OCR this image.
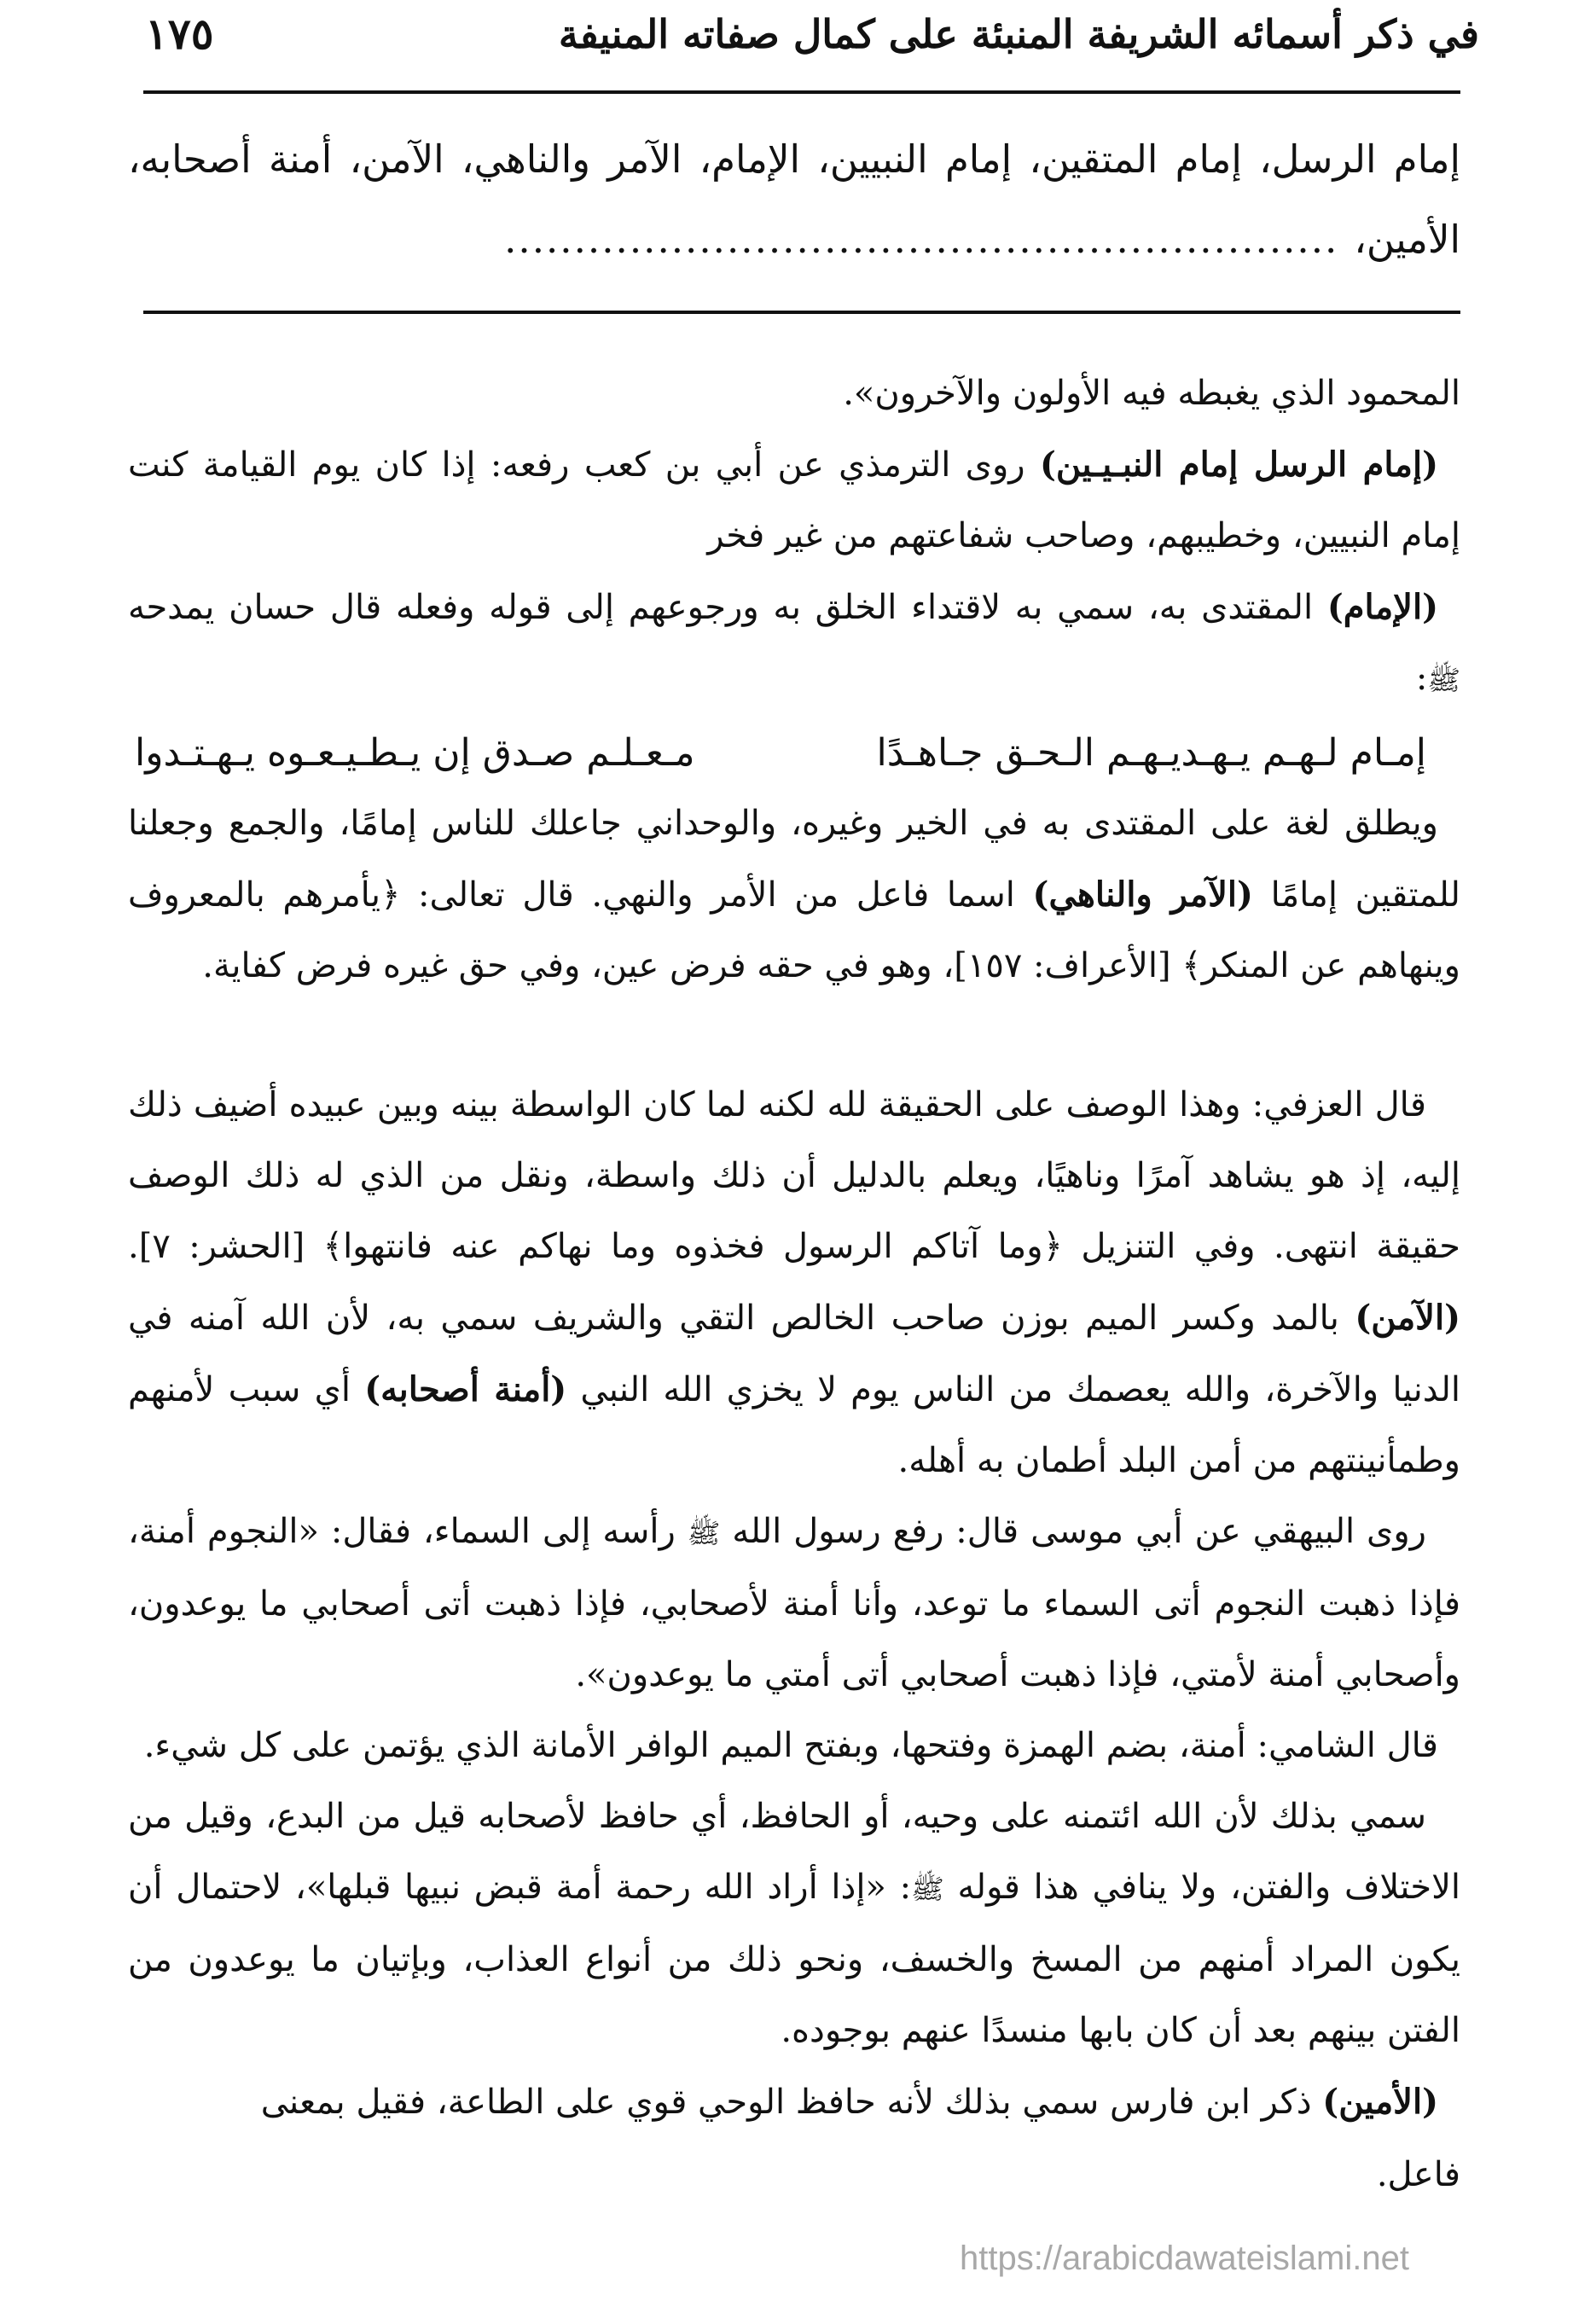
في ذكر أسمائه الشريفة المنبئة على كمال صفاته المنيفة
١٧٥
إمام الرسل، إمام المتقين، إمام النبيين، الإمام، الآمر والناهي، الآمن، أمنة أصحابه،
الأمين،............................................................

المحمود الذي يغبطه فيه الأولون والآخرون».

(إمام الرسل إمام النبـيـين) روى الترمذي عن أبي بن كعب رفعه: إذا كان يوم القيامة كنت إمام النبيين، وخطيبهم، وصاحب شفاعتهم من غير فخر

(الإمام) المقتدى به، سمي به لاقتداء الخلق به ورجوعهم إلى قوله وفعله قال حسان يمدحه ﷺ:

إمـام لـهـم يـهـديـهـم الـحـق جـاهـدًا
مـعـلـم صـدق إن يـطـيـعـوه يـهـتـدوا

ويطلق لغة على المقتدى به في الخير وغيره، والوحداني جاعلك للناس إمامًا، والجمع وجعلنا للمتقين إمامًا (الآمر والناهي) اسما فاعل من الأمر والنهي. قال تعالى: ﴿يأمرهم بالمعروف وينهاهم عن المنكر﴾ [الأعراف: ١٥٧]، وهو في حقه فرض عين، وفي حق غيره فرض كفاية.

قال العزفي: وهذا الوصف على الحقيقة لله لكنه لما كان الواسطة بينه وبين عبيده أضيف ذلك إليه، إذ هو يشاهد آمرًا وناهيًا، ويعلم بالدليل أن ذلك واسطة، ونقل من الذي له ذلك الوصف حقيقة انتهى. وفي التنزيل ﴿وما آتاكم الرسول فخذوه وما نهاكم عنه فانتهوا﴾ [الحشر: ٧]. (الآمن) بالمد وكسر الميم بوزن صاحب الخالص التقي والشريف سمي به، لأن الله آمنه في الدنيا والآخرة، والله يعصمك من الناس يوم لا يخزي الله النبي (أمنة أصحابه) أي سبب لأمنهم وطمأنينتهم من أمن البلد أطمان به أهله.

روى البيهقي عن أبي موسى قال: رفع رسول الله ﷺ رأسه إلى السماء، فقال: «النجوم أمنة، فإذا ذهبت النجوم أتى السماء ما توعد، وأنا أمنة لأصحابي، فإذا ذهبت أتى أصحابي ما يوعدون، وأصحابي أمنة لأمتي، فإذا ذهبت أصحابي أتى أمتي ما يوعدون».

قال الشامي: أمنة، بضم الهمزة وفتحها، وبفتح الميم الوافر الأمانة الذي يؤتمن على كل شيء.

سمي بذلك لأن الله ائتمنه على وحيه، أو الحافظ، أي حافظ لأصحابه قيل من البدع، وقيل من الاختلاف والفتن، ولا ينافي هذا قوله ﷺ: «إذا أراد الله رحمة أمة قبض نبيها قبلها»، لاحتمال أن يكون المراد أمنهم من المسخ والخسف، ونحو ذلك من أنواع العذاب، وبإتيان ما يوعدون من الفتن بينهم بعد أن كان بابها منسدًا عنهم بوجوده.

(الأمين) ذكر ابن فارس سمي بذلك لأنه حافظ الوحي قوي على الطاعة، فقيل بمعنى

فاعل.

https://arabicdawateislami.net
